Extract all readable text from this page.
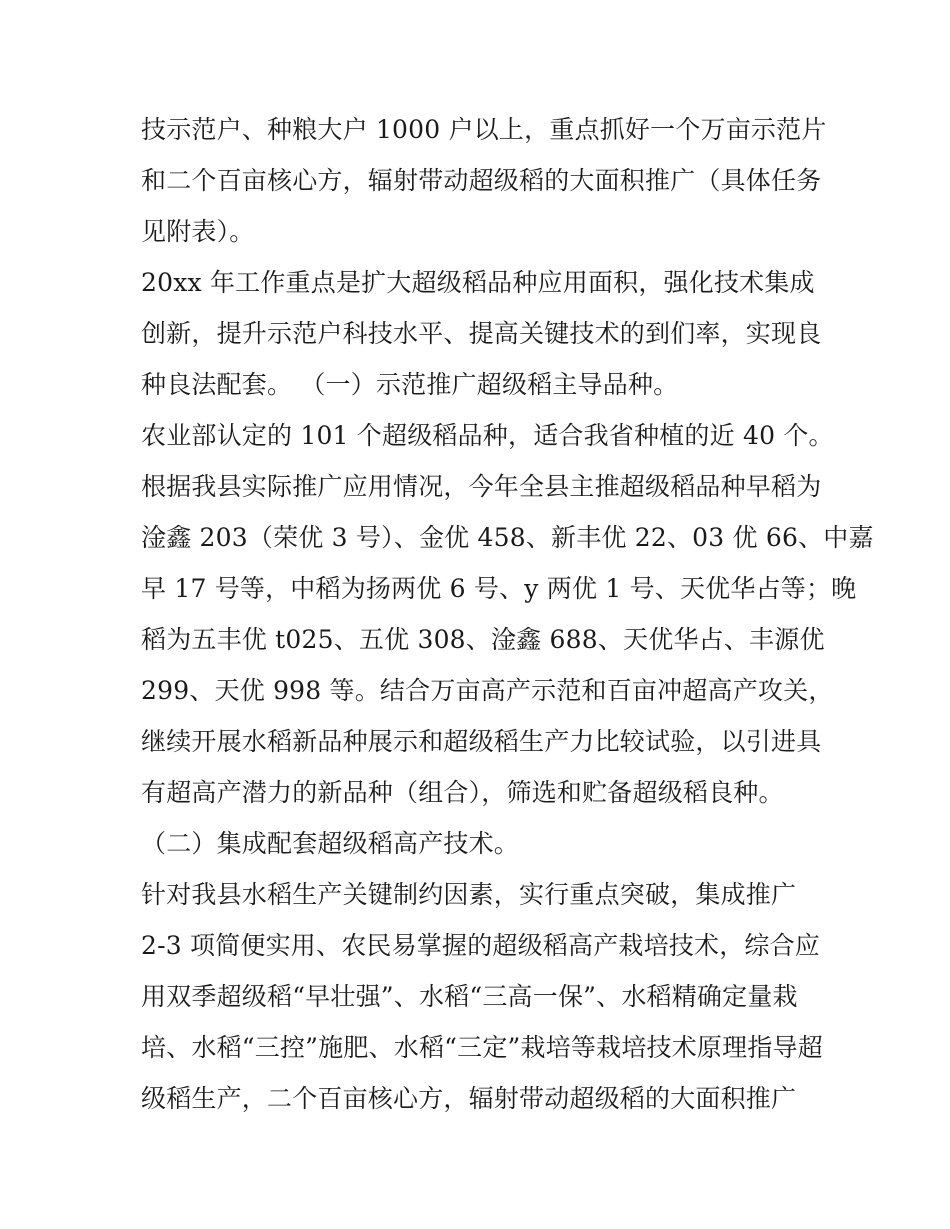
技示范户、种粮大户 1000 户以上，重点抓好一个万亩示范片
和二个百亩核心方，辐射带动超级稻的大面积推广（具体任务
见附表）。
20xx 年工作重点是扩大超级稻品种应用面积，强化技术集成
创新，提升示范户科技水平、提高关键技术的到们率，实现良
种良法配套。 （一）示范推广超级稻主导品种。
农业部认定的 101 个超级稻品种，适合我省种植的近 40 个。
根据我县实际推广应用情况，今年全县主推超级稻品种早稻为
淦鑫 203（荣优 3 号）、金优 458、新丰优 22、03 优 66、中嘉
早 17 号等，中稻为扬两优 6 号、y 两优 1 号、天优华占等；晚
稻为五丰优 t025、五优 308、淦鑫 688、天优华占、丰源优
299、天优 998 等。结合万亩高产示范和百亩冲超高产攻关，
继续开展水稻新品种展示和超级稻生产力比较试验，以引进具
有超高产潜力的新品种（组合），筛选和贮备超级稻良种。
（二）集成配套超级稻高产技术。
针对我县水稻生产关键制约因素，实行重点突破，集成推广
2-3 项简便实用、农民易掌握的超级稻高产栽培技术，综合应
用双季超级稻“早壮强”、水稻“三高一保”、水稻精确定量栽
培、水稻“三控”施肥、水稻“三定”栽培等栽培技术原理指导超
级稻生产，二个百亩核心方，辐射带动超级稻的大面积推广
